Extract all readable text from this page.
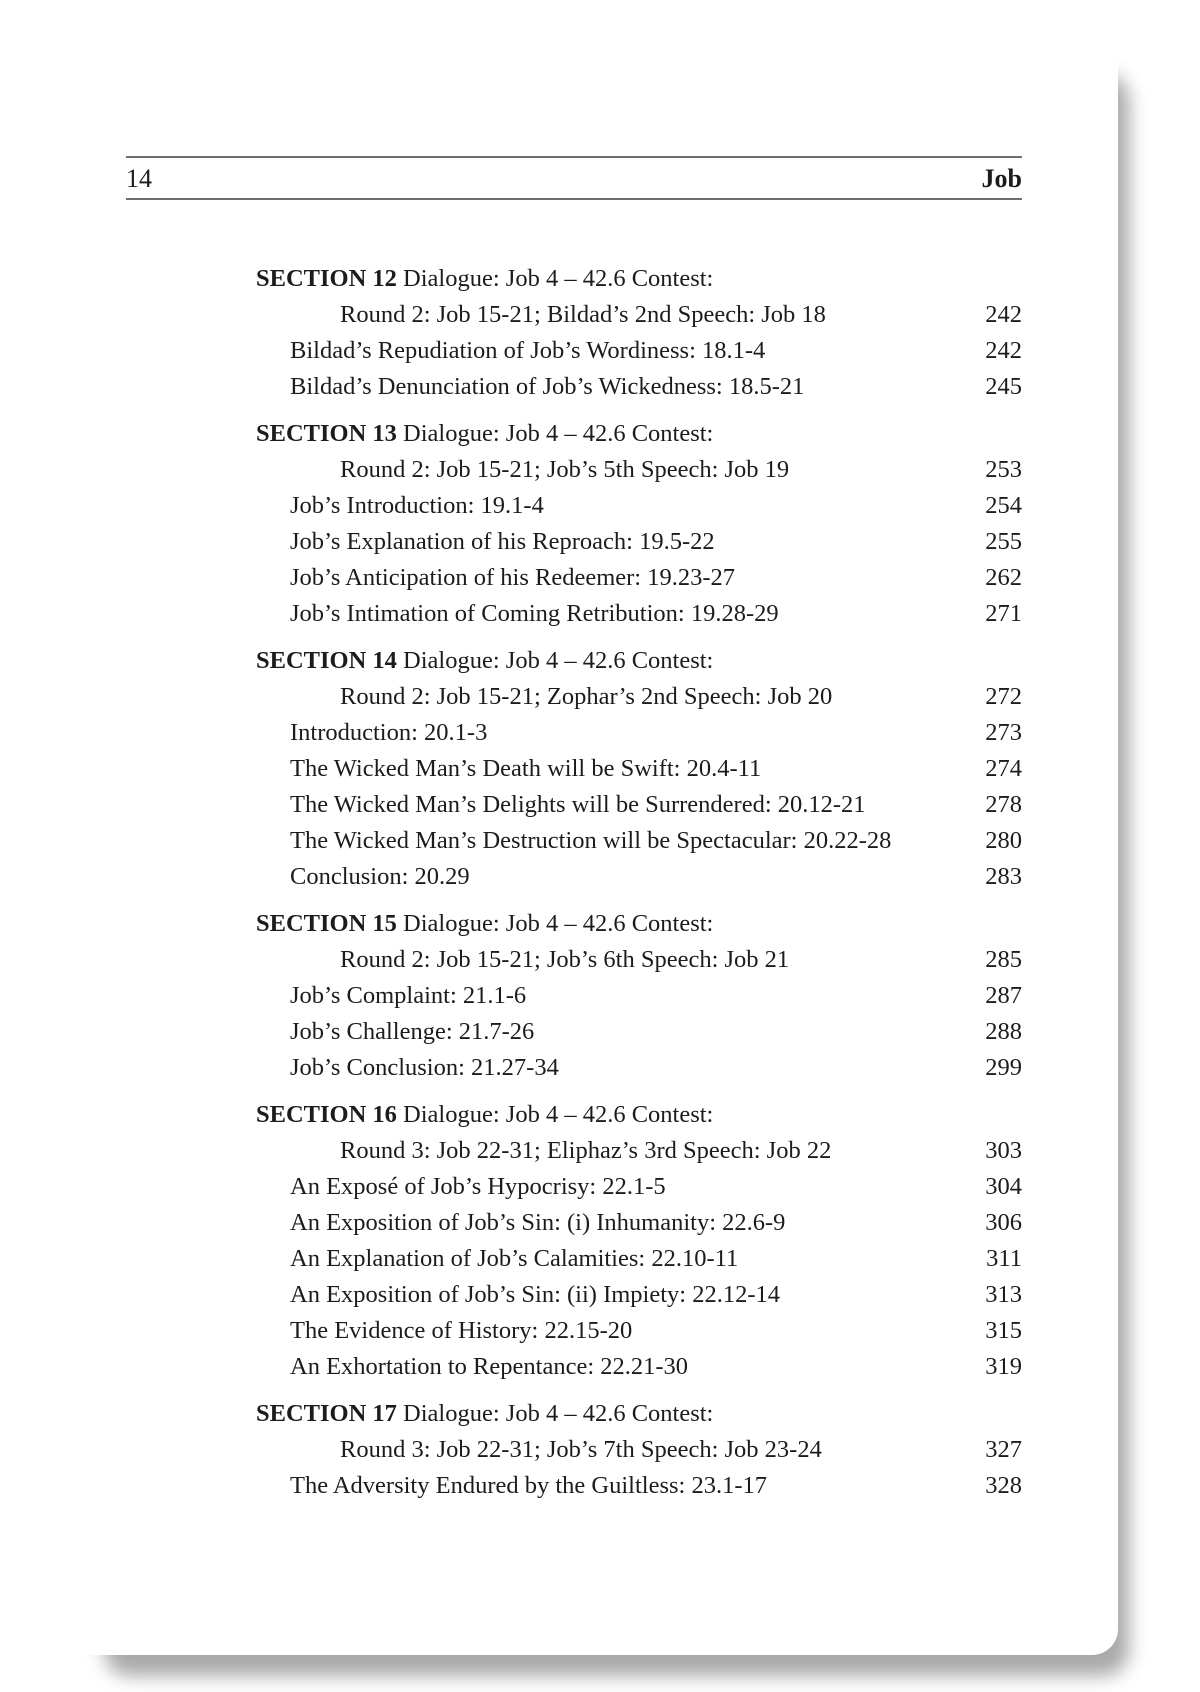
14	Job
SECTION 12 Dialogue: Job 4 – 42.6 Contest:
Round 2: Job 15-21; Bildad’s 2nd Speech: Job 18	242
Bildad’s Repudiation of Job’s Wordiness: 18.1-4	242
Bildad’s Denunciation of Job’s Wickedness: 18.5-21	245
SECTION 13 Dialogue: Job 4 – 42.6 Contest:
Round 2: Job 15-21; Job’s 5th Speech: Job 19	253
Job’s Introduction: 19.1-4	254
Job’s Explanation of his Reproach: 19.5-22	255
Job’s Anticipation of his Redeemer: 19.23-27	262
Job’s Intimation of Coming Retribution: 19.28-29	271
SECTION 14 Dialogue: Job 4 – 42.6 Contest:
Round 2: Job 15-21; Zophar’s 2nd Speech: Job 20	272
Introduction: 20.1-3	273
The Wicked Man’s Death will be Swift: 20.4-11	274
The Wicked Man’s Delights will be Surrendered: 20.12-21	278
The Wicked Man’s Destruction will be Spectacular: 20.22-28	280
Conclusion: 20.29	283
SECTION 15 Dialogue: Job 4 – 42.6 Contest:
Round 2: Job 15-21; Job’s 6th Speech: Job 21	285
Job’s Complaint: 21.1-6	287
Job’s Challenge: 21.7-26	288
Job’s Conclusion: 21.27-34	299
SECTION 16 Dialogue: Job 4 – 42.6 Contest:
Round 3: Job 22-31; Eliphaz’s 3rd Speech: Job 22	303
An Exposé of Job’s Hypocrisy: 22.1-5	304
An Exposition of Job’s Sin: (i) Inhumanity: 22.6-9	306
An Explanation of Job’s Calamities: 22.10-11	311
An Exposition of Job’s Sin: (ii) Impiety: 22.12-14	313
The Evidence of History: 22.15-20	315
An Exhortation to Repentance: 22.21-30	319
SECTION 17 Dialogue: Job 4 – 42.6 Contest:
Round 3: Job 22-31; Job’s 7th Speech: Job 23-24	327
The Adversity Endured by the Guiltless: 23.1-17	328
